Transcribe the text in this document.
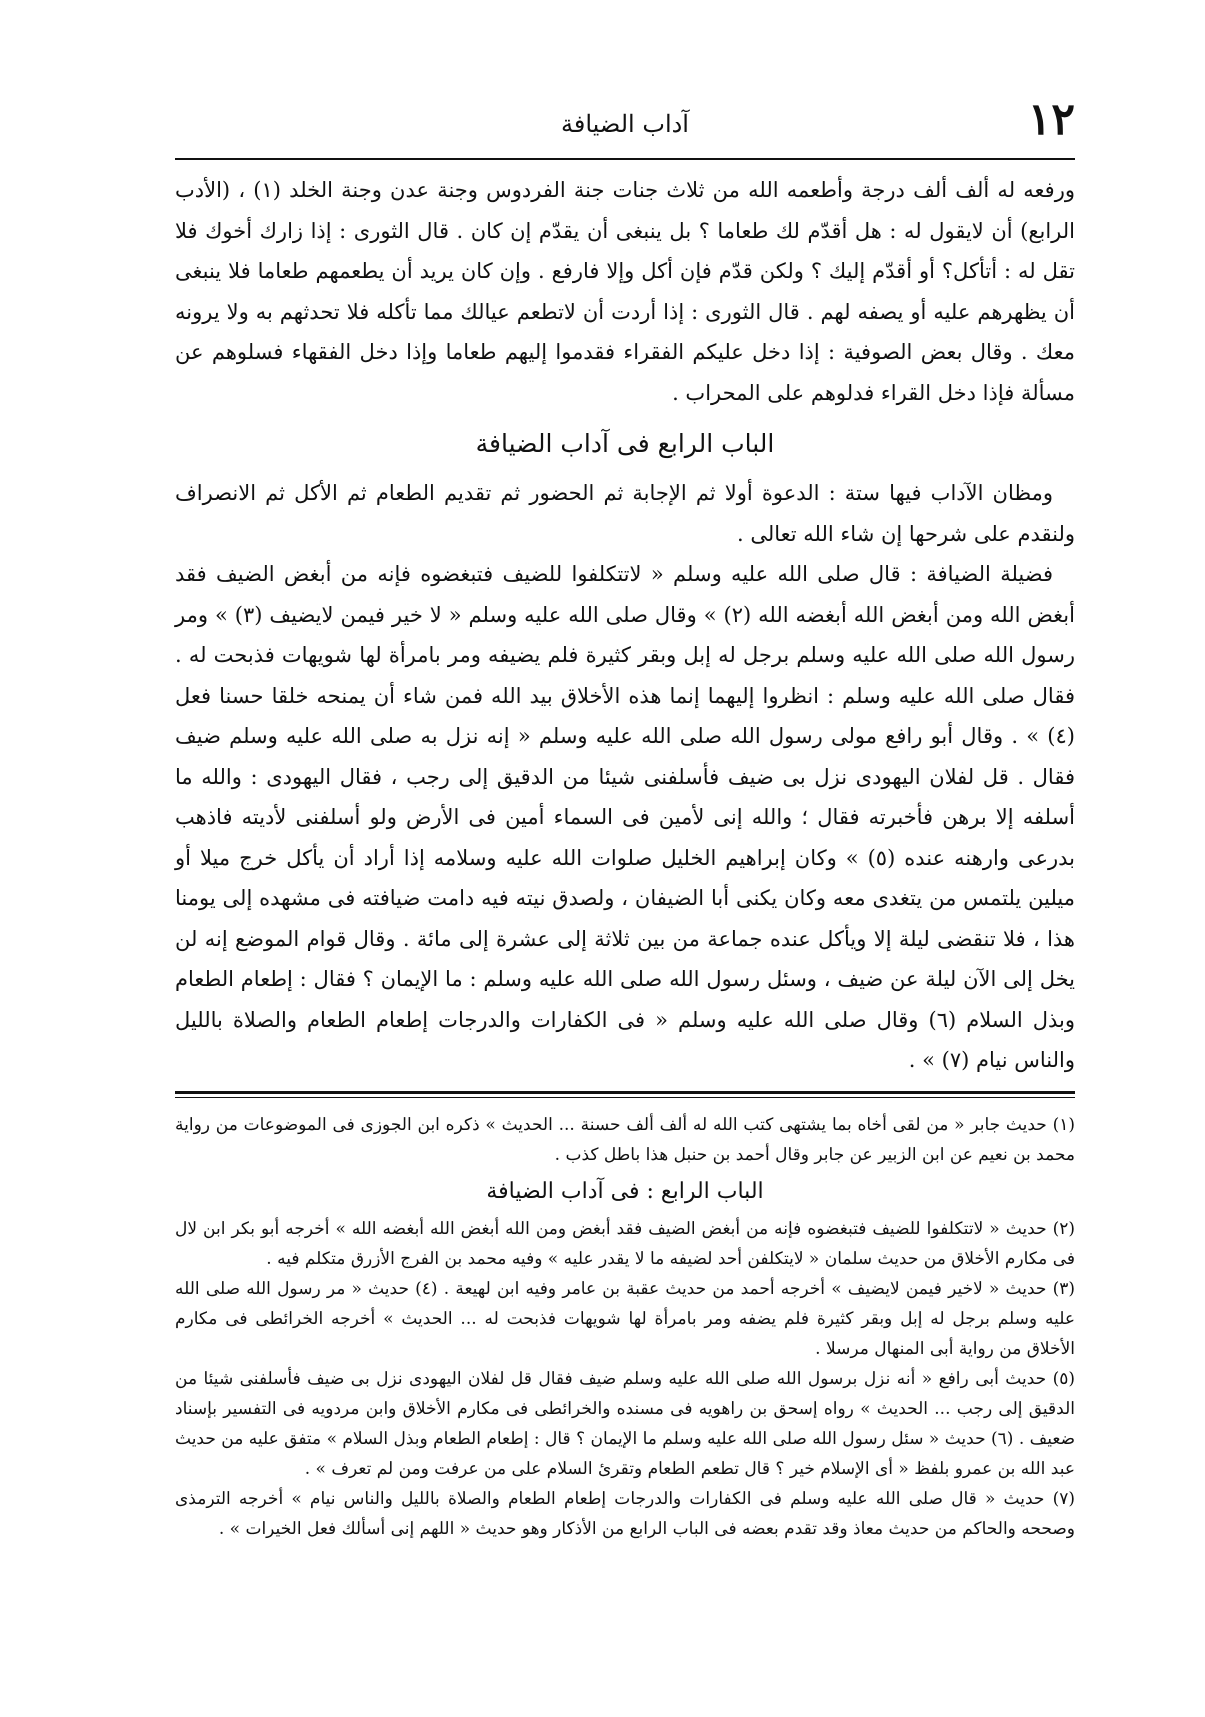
١٢
آداب الضيافة

ورفعه له ألف ألف درجة وأطعمه الله من ثلاث جنات جنة الفردوس وجنة عدن وجنة الخلد (١) ، (الأدب الرابع) أن لايقول له : هل أقدّم لك طعاما ؟ بل ينبغى أن يقدّم إن كان . قال الثورى : إذا زارك أخوك فلا تقل له : أتأكل؟ أو أقدّم إليك ؟ ولكن قدّم فإن أكل وإلا فارفع . وإن كان يريد أن يطعمهم طعاما فلا ينبغى أن يظهرهم عليه أو يصفه لهم . قال الثورى : إذا أردت أن لاتطعم عيالك مما تأكله فلا تحدثهم به ولا يرونه معك . وقال بعض الصوفية : إذا دخل عليكم الفقراء فقدموا إليهم طعاما وإذا دخل الفقهاء فسلوهم عن مسألة فإذا دخل القراء فدلوهم على المحراب .

الباب الرابع فى آداب الضيافة

ومظان الآداب فيها ستة : الدعوة أولا ثم الإجابة ثم الحضور ثم تقديم الطعام ثم الأكل ثم الانصراف ولنقدم على شرحها إن شاء الله تعالى .

فضيلة الضيافة : قال صلى الله عليه وسلم « لاتتكلفوا للضيف فتبغضوه فإنه من أبغض الضيف فقد أبغض الله ومن أبغض الله أبغضه الله (٢) » وقال صلى الله عليه وسلم « لا خير فيمن لايضيف (٣) » ومر رسول الله صلى الله عليه وسلم برجل له إبل وبقر كثيرة فلم يضيفه ومر بامرأة لها شويهات فذبحت له . فقال صلى الله عليه وسلم : انظروا إليهما إنما هذه الأخلاق بيد الله فمن شاء أن يمنحه خلقا حسنا فعل (٤) » . وقال أبو رافع مولى رسول الله صلى الله عليه وسلم « إنه نزل به صلى الله عليه وسلم ضيف فقال . قل لفلان اليهودى نزل بى ضيف فأسلفنى شيئا من الدقيق إلى رجب ، فقال اليهودى : والله ما أسلفه إلا برهن فأخبرته فقال ؛ والله إنى لأمين فى السماء أمين فى الأرض ولو أسلفنى لأديته فاذهب بدرعى وارهنه عنده (٥) » وكان إبراهيم الخليل صلوات الله عليه وسلامه إذا أراد أن يأكل خرج ميلا أو ميلين يلتمس من يتغدى معه وكان يكنى أبا الضيفان ، ولصدق نيته فيه دامت ضيافته فى مشهده إلى يومنا هذا ، فلا تنقضى ليلة إلا ويأكل عنده جماعة من بين ثلاثة إلى عشرة إلى مائة . وقال قوام الموضع إنه لن يخل إلى الآن ليلة عن ضيف ، وسئل رسول الله صلى الله عليه وسلم : ما الإيمان ؟ فقال : إطعام الطعام وبذل السلام (٦) وقال صلى الله عليه وسلم « فى الكفارات والدرجات إطعام الطعام والصلاة بالليل والناس نيام (٧) » .

(١) حديث جابر « من لقى أخاه بما يشتهى كتب الله له ألف ألف حسنة ... الحديث » ذكره ابن الجوزى فى الموضوعات من رواية محمد بن نعيم عن ابن الزبير عن جابر وقال أحمد بن حنبل هذا باطل كذب .

الباب الرابع : فى آداب الضيافة

(٢) حديث « لاتتكلفوا للضيف فتبغضوه فإنه من أبغض الضيف فقد أبغض ومن الله أبغض الله أبغضه الله » أخرجه أبو بكر ابن لال فى مكارم الأخلاق من حديث سلمان « لايتكلفن أحد لضيفه ما لا يقدر عليه » وفيه محمد بن الفرج الأزرق متكلم فيه .

(٣) حديث « لاخير فيمن لايضيف » أخرجه أحمد من حديث عقبة بن عامر وفيه ابن لهيعة . (٤) حديث « مر رسول الله صلى الله عليه وسلم برجل له إبل وبقر كثيرة فلم يضفه ومر بامرأة لها شويهات فذبحت له ... الحديث » أخرجه الخرائطى فى مكارم الأخلاق من رواية أبى المنهال مرسلا .

(٥) حديث أبى رافع « أنه نزل برسول الله صلى الله عليه وسلم ضيف فقال قل لفلان اليهودى نزل بى ضيف فأسلفنى شيئا من الدقيق إلى رجب ... الحديث » رواه إسحق بن راهويه فى مسنده والخرائطى فى مكارم الأخلاق وابن مردويه فى التفسير بإسناد ضعيف . (٦) حديث « سئل رسول الله صلى الله عليه وسلم ما الإيمان ؟ قال : إطعام الطعام وبذل السلام » متفق عليه من حديث عبد الله بن عمرو بلفظ « أى الإسلام خير ؟ قال تطعم الطعام وتقرئ السلام على من عرفت ومن لم تعرف » .

(٧) حديث « قال صلى الله عليه وسلم فى الكفارات والدرجات إطعام الطعام والصلاة بالليل والناس نيام » أخرجه الترمذى وصححه والحاكم من حديث معاذ وقد تقدم بعضه فى الباب الرابع من الأذكار وهو حديث « اللهم إنى أسألك فعل الخيرات » .
